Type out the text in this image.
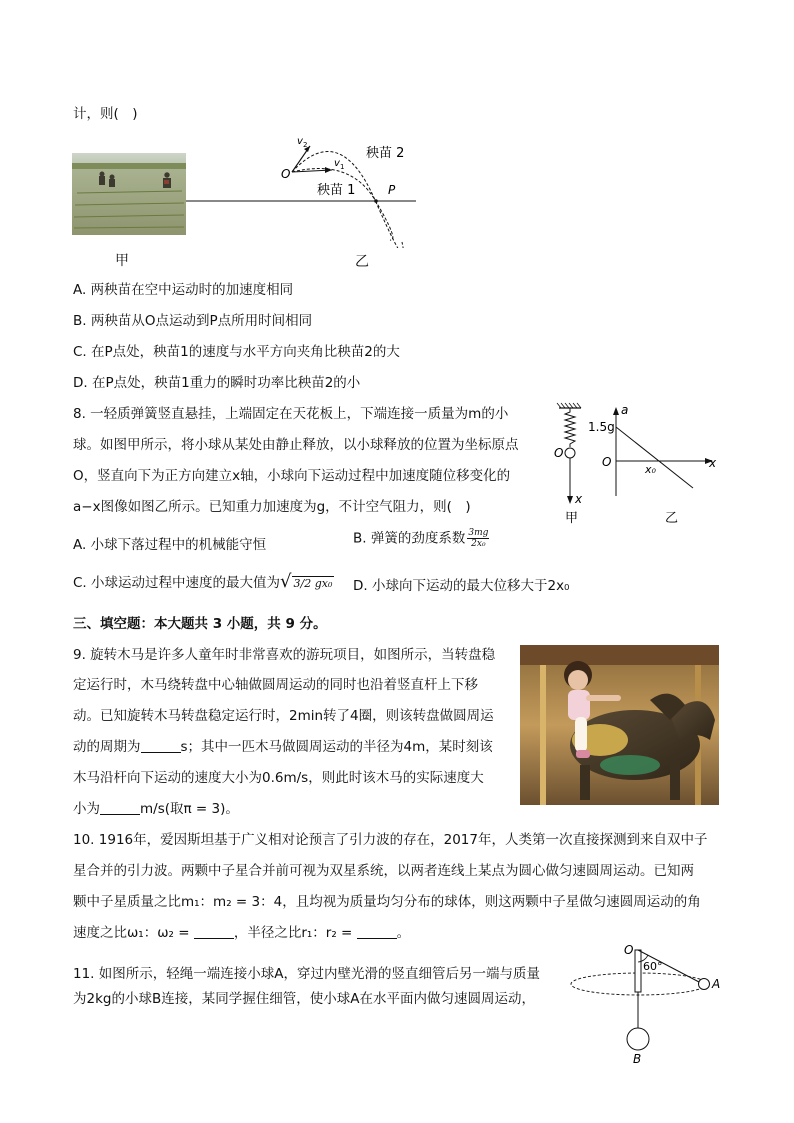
计，则(　)
甲
O
v 2
v 1
秧苗 2
秧苗 1	P
乙
A. 两秧苗在空中运动时的加速度相同
B. 两秧苗从O点运动到P点所用时间相同
C. 在P点处，秧苗1的速度与水平方向夹角比秧苗2的大
D. 在P点处，秧苗1重力的瞬时功率比秧苗2的小
8. 一轻质弹簧竖直悬挂，上端固定在天花板上，下端连接一质量为m的小
球。如图甲所示，将小球从某处由静止释放，以小球释放的位置为坐标原点
O，竖直向下为正方向建立x轴，小球向下运动过程中加速度随位移变化的
a−x图像如图乙所示。已知重力加速度为g，不计空气阻力，则(　)
O
x
甲
a
1.5g
O
x₀	x
乙
A. 小球下落过程中的机械能守恒	B. 弹簧的劲度系数 $\frac{3mg}{\text{2x₀}}$
C. 小球运动过程中速度的最大值为√ 3/2 gx₀ D. 小球向下运动的最大位移大于2x₀
三、填空题：本大题共 3 小题，共 9 分。
9. 旋转木马是许多人童年时非常喜欢的游玩项目，如图所示，当转盘稳
定运行时，木马绕转盘中心轴做圆周运动的同时也沿着竖直杆上下移
动。已知旋转木马转盘稳定运行时，2min转了4圈，则该转盘做圆周运
动的周期为	s；其中一匹木马做圆周运动的半径为4m，某时刻该
木马沿杆向下运动的速度大小为0.6m/s，则此时该木马的实际速度大
小为	m/s(取π = 3)。
10. 1916年，爱因斯坦基于广义相对论预言了引力波的存在，2017年，人类第一次直接探测到来自双中子
星合并的引力波。两颗中子星合并前可视为双星系统，以两者连线上某点为圆心做匀速圆周运动。已知两
颗中子星质量之比m₁：m₂ = 3：4，且均视为质量均匀分布的球体，则这两颗中子星做匀速圆周运动的角
速度之比ω₁：ω₂ =	，半径之比r₁：r₂ =	。
11. 如图所示，轻绳一端连接小球A，穿过内壁光滑的竖直细管后另一端与质量
为2kg的小球B连接，某同学握住细管，使小球A在水平面内做匀速圆周运动，
O
60°
A
B
